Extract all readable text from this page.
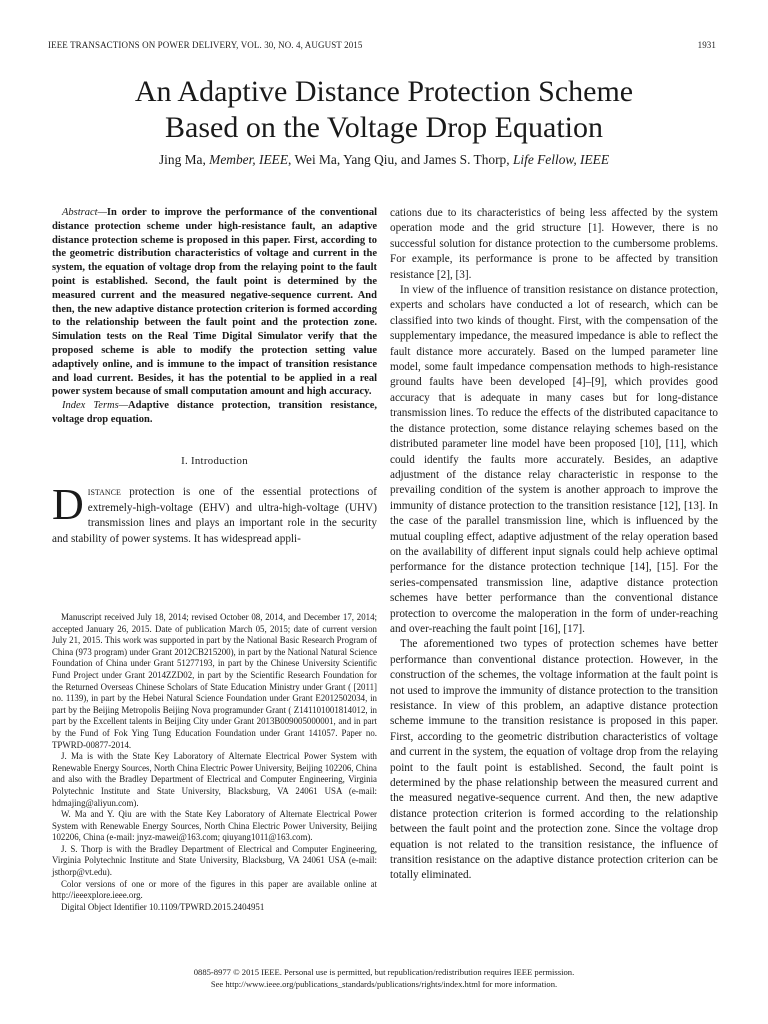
IEEE TRANSACTIONS ON POWER DELIVERY, VOL. 30, NO. 4, AUGUST 2015	1931
An Adaptive Distance Protection Scheme
Based on the Voltage Drop Equation
Jing Ma, Member, IEEE, Wei Ma, Yang Qiu, and James S. Thorp, Life Fellow, IEEE

Abstract—In order to improve the performance of the conventional distance protection scheme under high-resistance fault, an adaptive distance protection scheme is proposed in this paper. First, according to the geometric distribution characteristics of voltage and current in the system, the equation of voltage drop from the relaying point to the fault point is established. Second, the fault point is determined by the measured current and the measured negative-sequence current. And then, the new adaptive distance protection criterion is formed according to the relationship between the fault point and the protection zone. Simulation tests on the Real Time Digital Simulator verify that the proposed scheme is able to modify the protection setting value adaptively online, and is immune to the impact of transition resistance and load current. Besides, it has the potential to be applied in a real power system because of small computation amount and high accuracy.

Index Terms—Adaptive distance protection, transition resistance, voltage drop equation.

I. Introduction

Distance protection is one of the essential protections of extremely-high-voltage (EHV) and ultra-high-voltage (UHV) transmission lines and plays an important role in the security and stability of power systems. It has widespread appli-

Manuscript received July 18, 2014; revised October 08, 2014, and December 17, 2014; accepted January 26, 2015. Date of publication March 05, 2015; date of current version July 21, 2015. This work was supported in part by the National Basic Research Program of China (973 program) under Grant 2012CB215200), in part by the National Natural Science Foundation of China under Grant 51277193, in part by the Chinese University Scientific Fund Project under Grant 2014ZZD02, in part by the Scientific Research Foundation for the Returned Overseas Chinese Scholars of State Education Ministry under Grant ( [2011] no. 1139), in part by the Hebei Natural Science Foundation under Grant E2012502034, in part by the Beijing Metropolis Beijing Nova programunder Grant ( Z141101001814012, in part by the Excellent talents in Beijing City under Grant 2013B009005000001, and in part by the Fund of Fok Ying Tung Education Foundation under Grant 141057. Paper no. TPWRD-00877-2014.

J. Ma is with the State Key Laboratory of Alternate Electrical Power System with Renewable Energy Sources, North China Electric Power University, Beijing 102206, China and also with the Bradley Department of Electrical and Computer Engineering, Virginia Polytechnic Institute and State University, Blacksburg, VA 24061 USA (e-mail: hdmajing@aliyun.com).

W. Ma and Y. Qiu are with the State Key Laboratory of Alternate Electrical Power System with Renewable Energy Sources, North China Electric Power University, Beijing 102206, China (e-mail: jnyz-mawei@163.com; qiuyang1011@163.com).

J. S. Thorp is with the Bradley Department of Electrical and Computer Engineering, Virginia Polytechnic Institute and State University, Blacksburg, VA 24061 USA (e-mail: jsthorp@vt.edu).

Color versions of one or more of the figures in this paper are available online at http://ieeexplore.ieee.org.

Digital Object Identifier 10.1109/TPWRD.2015.2404951

cations due to its characteristics of being less affected by the system operation mode and the grid structure [1]. However, there is no successful solution for distance protection to the cumbersome problems. For example, its performance is prone to be affected by transition resistance [2], [3].

In view of the influence of transition resistance on distance protection, experts and scholars have conducted a lot of research, which can be classified into two kinds of thought. First, with the compensation of the supplementary impedance, the measured impedance is able to reflect the fault distance more accurately. Based on the lumped parameter line model, some fault impedance compensation methods to high-resistance ground faults have been developed [4]–[9], which provides good accuracy that is adequate in many cases but for long-distance transmission lines. To reduce the effects of the distributed capacitance to the distance protection, some distance relaying schemes based on the distributed parameter line model have been proposed [10], [11], which could identify the faults more accurately. Besides, an adaptive adjustment of the distance relay characteristic in response to the prevailing condition of the system is another approach to improve the immunity of distance protection to the transition resistance [12], [13]. In the case of the parallel transmission line, which is influenced by the mutual coupling effect, adaptive adjustment of the relay operation based on the availability of different input signals could help achieve optimal performance for the distance protection technique [14], [15]. For the series-compensated transmission line, adaptive distance protection schemes have better performance than the conventional distance protection to overcome the maloperation in the form of under-reaching and over-reaching the fault point [16], [17].

The aforementioned two types of protection schemes have better performance than conventional distance protection. However, in the construction of the schemes, the voltage information at the fault point is not used to improve the immunity of distance protection to the transition resistance. In view of this problem, an adaptive distance protection scheme immune to the transition resistance is proposed in this paper. First, according to the geometric distribution characteristics of voltage and current in the system, the equation of voltage drop from the relaying point to the fault point is established. Second, the fault point is determined by the phase relationship between the measured current and the measured negative-sequence current. And then, the new adaptive distance protection criterion is formed according to the relationship between the fault point and the protection zone. Since the voltage drop equation is not related to the transition resistance, the influence of transition resistance on the adaptive distance protection criterion can be totally eliminated.

0885-8977 © 2015 IEEE. Personal use is permitted, but republication/redistribution requires IEEE permission.
See http://www.ieee.org/publications_standards/publications/rights/index.html for more information.
